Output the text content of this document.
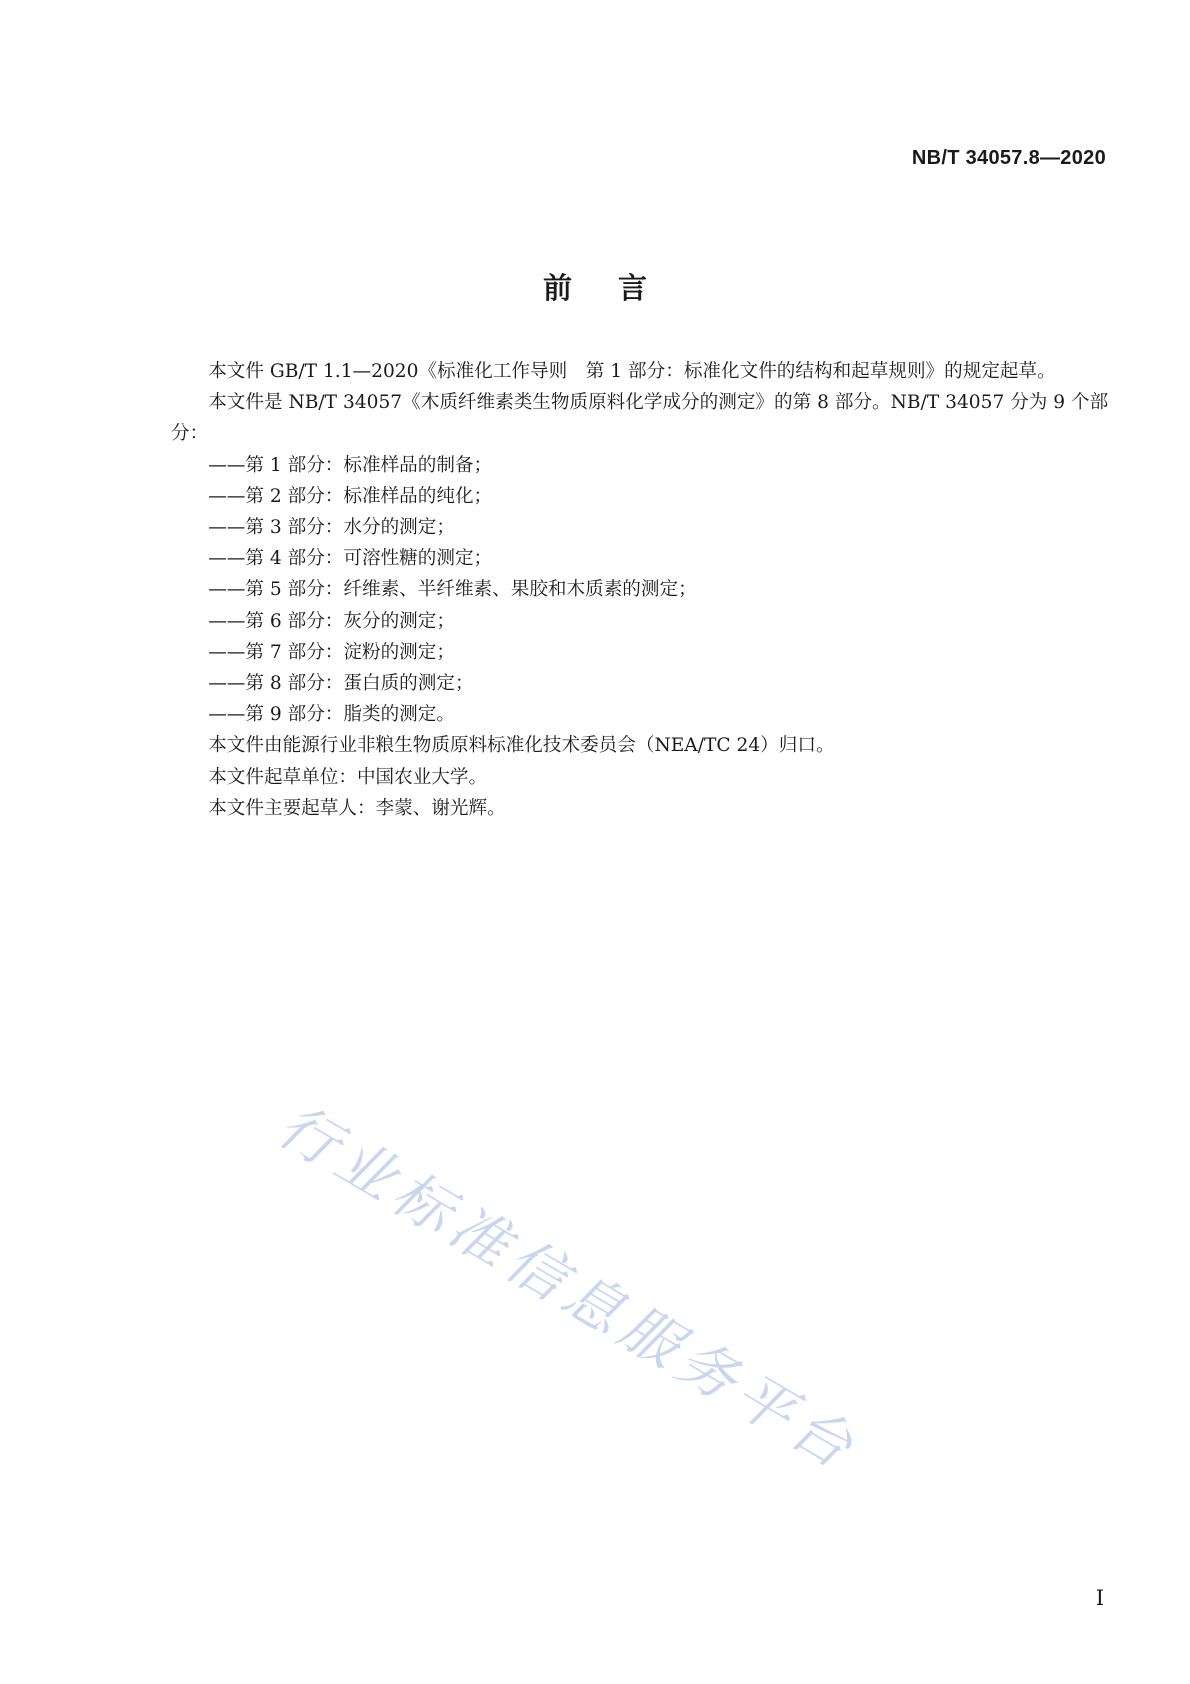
NB/T 34057.8—2020
前言

本文件 GB/T 1.1—2020《标准化工作导则　第 1 部分：标准化文件的结构和起草规则》的规定起草。

本文件是 NB/T 34057《木质纤维素类生物质原料化学成分的测定》的第 8 部分。NB/T 34057 分为 9 个部分：

——第 1 部分：标准样品的制备；

——第 2 部分：标准样品的纯化；

——第 3 部分：水分的测定；

——第 4 部分：可溶性糖的测定；

——第 5 部分：纤维素、半纤维素、果胶和木质素的测定；

——第 6 部分：灰分的测定；

——第 7 部分：淀粉的测定；

——第 8 部分：蛋白质的测定；

——第 9 部分：脂类的测定。

本文件由能源行业非粮生物质原料标准化技术委员会（NEA/TC 24）归口。

本文件起草单位：中国农业大学。

本文件主要起草人：李蒙、谢光辉。

行业标准信息服务平台
I
